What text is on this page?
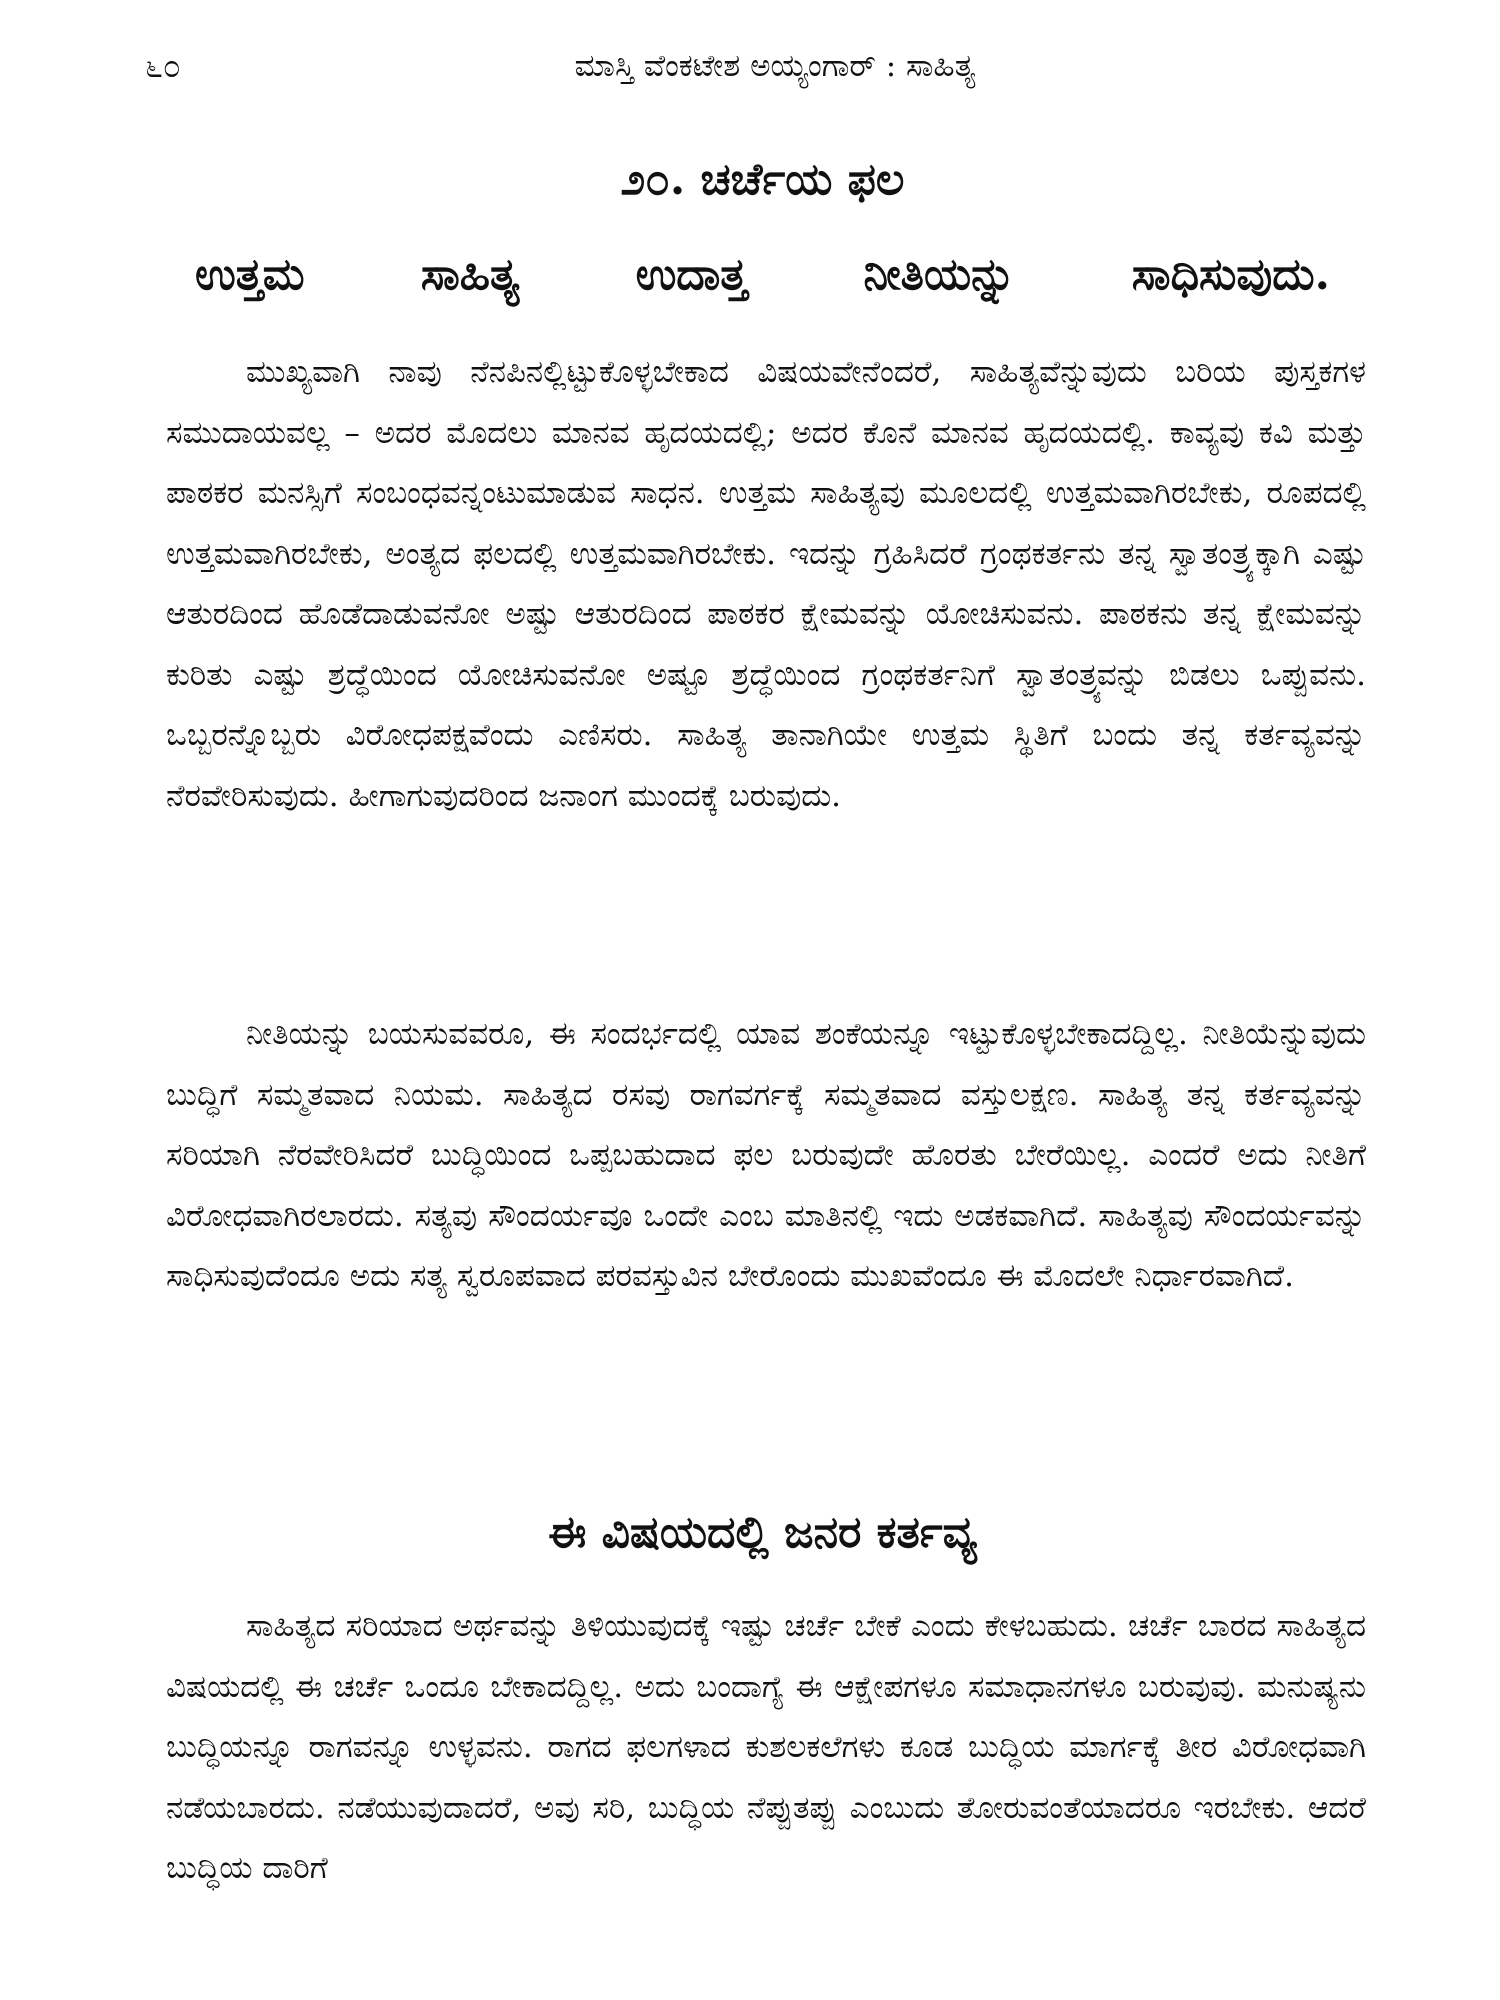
೬೦	ಮಾಸ್ತಿ ವೆಂಕಟೇಶ ಅಯ್ಯಂಗಾರ್ : ಸಾಹಿತ್ಯ
೨೦. ಚರ್ಚೆಯ ಫಲ
ಉತ್ತಮ	ಸಾಹಿತ್ಯ	ಉದಾತ್ತ	ನೀತಿಯನ್ನು	ಸಾಧಿಸುವುದು.

ಮುಖ್ಯವಾಗಿ ನಾವು ನೆನಪಿನಲ್ಲಿಟ್ಟುಕೊಳ್ಳಬೇಕಾದ ವಿಷಯವೇನೆಂದರೆ, ಸಾಹಿತ್ಯವೆನ್ನುವುದು ಬರಿಯ ಪುಸ್ತಕಗಳ ಸಮುದಾಯವಲ್ಲ – ಅದರ ಮೊದಲು ಮಾನವ ಹೃದಯದಲ್ಲಿ; ಅದರ ಕೊನೆ ಮಾನವ ಹೃದಯದಲ್ಲಿ. ಕಾವ್ಯವು ಕವಿ ಮತ್ತು ಪಾಠಕರ ಮನಸ್ಸಿಗೆ ಸಂಬಂಧವನ್ನಂಟುಮಾಡುವ ಸಾಧನ. ಉತ್ತಮ ಸಾಹಿತ್ಯವು ಮೂಲದಲ್ಲಿ ಉತ್ತಮವಾಗಿರಬೇಕು, ರೂಪದಲ್ಲಿ ಉತ್ತಮವಾಗಿರಬೇಕು, ಅಂತ್ಯದ ಫಲದಲ್ಲಿ ಉತ್ತಮವಾಗಿರಬೇಕು. ಇದನ್ನು ಗ್ರಹಿಸಿದರೆ ಗ್ರಂಥಕರ್ತನು ತನ್ನ ಸ್ವಾತಂತ್ರ್ಯಕ್ಕಾಗಿ ಎಷ್ಟು ಆತುರದಿಂದ ಹೊಡೆದಾಡುವನೋ ಅಷ್ಟು ಆತುರದಿಂದ ಪಾಠಕರ ಕ್ಷೇಮವನ್ನು ಯೋಚಿಸುವನು. ಪಾಠಕನು ತನ್ನ ಕ್ಷೇಮವನ್ನು ಕುರಿತು ಎಷ್ಟು ಶ್ರದ್ಧೆಯಿಂದ ಯೋಚಿಸುವನೋ ಅಷ್ಟೂ ಶ್ರದ್ಧೆಯಿಂದ ಗ್ರಂಥಕರ್ತನಿಗೆ ಸ್ವಾತಂತ್ರ್ಯವನ್ನು ಬಿಡಲು ಒಪ್ಪುವನು. ಒಬ್ಬರನ್ನೊಬ್ಬರು ವಿರೋಧಪಕ್ಷವೆಂದು ಎಣಿಸರು. ಸಾಹಿತ್ಯ ತಾನಾಗಿಯೇ ಉತ್ತಮ ಸ್ಥಿತಿಗೆ ಬಂದು ತನ್ನ ಕರ್ತವ್ಯವನ್ನು ನೆರವೇರಿಸುವುದು. ಹೀಗಾಗುವುದರಿಂದ ಜನಾಂಗ ಮುಂದಕ್ಕೆ ಬರುವುದು.

ನೀತಿಯನ್ನು ಬಯಸುವವರೂ, ಈ ಸಂದರ್ಭದಲ್ಲಿ ಯಾವ ಶಂಕೆಯನ್ನೂ ಇಟ್ಟುಕೊಳ್ಳಬೇಕಾದದ್ದಿಲ್ಲ. ನೀತಿಯೆನ್ನುವುದು ಬುದ್ಧಿಗೆ ಸಮ್ಮತವಾದ ನಿಯಮ. ಸಾಹಿತ್ಯದ ರಸವು ರಾಗವರ್ಗಕ್ಕೆ ಸಮ್ಮತವಾದ ವಸ್ತುಲಕ್ಷಣ. ಸಾಹಿತ್ಯ ತನ್ನ ಕರ್ತವ್ಯವನ್ನು ಸರಿಯಾಗಿ ನೆರವೇರಿಸಿದರೆ ಬುದ್ಧಿಯಿಂದ ಒಪ್ಪಬಹುದಾದ ಫಲ ಬರುವುದೇ ಹೊರತು ಬೇರೆಯಿಲ್ಲ. ಎಂದರೆ ಅದು ನೀತಿಗೆ ವಿರೋಧವಾಗಿರಲಾರದು. ಸತ್ಯವು ಸೌಂದರ್ಯವೂ ಒಂದೇ ಎಂಬ ಮಾತಿನಲ್ಲಿ ಇದು ಅಡಕವಾಗಿದೆ. ಸಾಹಿತ್ಯವು ಸೌಂದರ್ಯವನ್ನು ಸಾಧಿಸುವುದೆಂದೂ ಅದು ಸತ್ಯ ಸ್ವರೂಪವಾದ ಪರವಸ್ತುವಿನ ಬೇರೊಂದು ಮುಖವೆಂದೂ ಈ ಮೊದಲೇ ನಿರ್ಧಾರವಾಗಿದೆ.

ಈ ವಿಷಯದಲ್ಲಿ ಜನರ ಕರ್ತವ್ಯ

ಸಾಹಿತ್ಯದ ಸರಿಯಾದ ಅರ್ಥವನ್ನು ತಿಳಿಯುವುದಕ್ಕೆ ಇಷ್ಟು ಚರ್ಚೆ ಬೇಕೆ ಎಂದು ಕೇಳಬಹುದು. ಚರ್ಚೆ ಬಾರದ ಸಾಹಿತ್ಯದ ವಿಷಯದಲ್ಲಿ ಈ ಚರ್ಚೆ ಒಂದೂ ಬೇಕಾದದ್ದಿಲ್ಲ. ಅದು ಬಂದಾಗ್ಯೆ ಈ ಆಕ್ಷೇಪಗಳೂ ಸಮಾಧಾನಗಳೂ ಬರುವುವು. ಮನುಷ್ಯನು ಬುದ್ಧಿಯನ್ನೂ ರಾಗವನ್ನೂ ಉಳ್ಳವನು. ರಾಗದ ಫಲಗಳಾದ ಕುಶಲಕಲೆಗಳು ಕೂಡ ಬುದ್ಧಿಯ ಮಾರ್ಗಕ್ಕೆ ತೀರ ವಿರೋಧವಾಗಿ ನಡೆಯಬಾರದು. ನಡೆಯುವುದಾದರೆ, ಅವು ಸರಿ, ಬುದ್ಧಿಯ ನೆಪ್ಪುತಪ್ಪು ಎಂಬುದು ತೋರುವಂತೆಯಾದರೂ ಇರಬೇಕು. ಆದರೆ ಬುದ್ಧಿಯ ದಾರಿಗೆ
